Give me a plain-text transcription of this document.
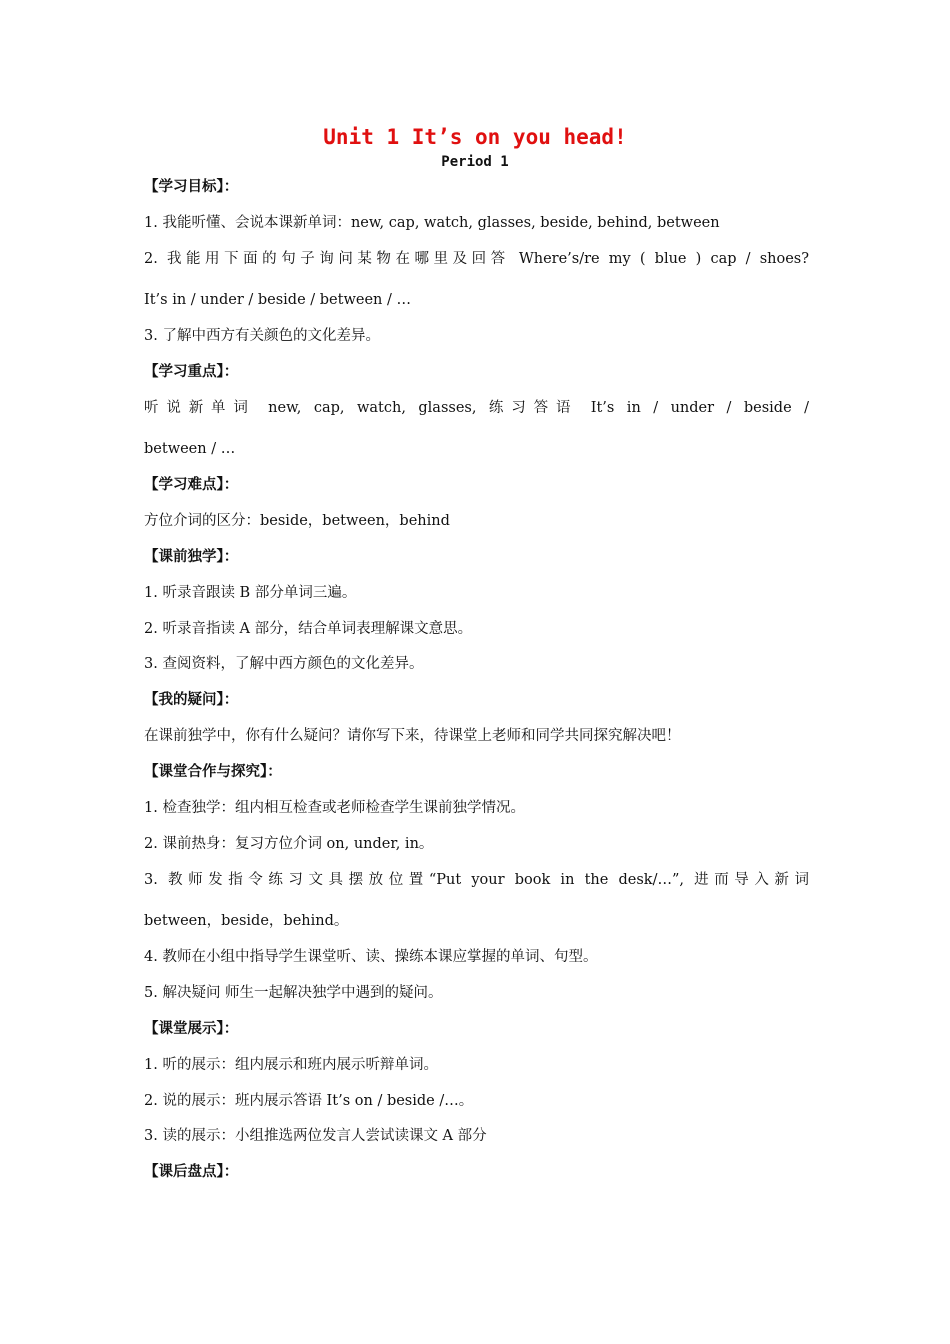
Unit 1 It’s on you head!
Period 1
【学习目标】：
1. 我能听懂、会说本课新单词：new, cap, watch, glasses, beside, behind, between
2. 我能用下面的句子询问某物在哪里及回答 Where’s/re my ( blue ) cap / shoes?
It’s in / under / beside / between / …
3. 了解中西方有关颜色的文化差异。
【学习重点】：
听说新单词 new, cap, watch, glasses, 练习答语 It’s in / under / beside /
between / …
【学习难点】：
方位介词的区分：beside，between，behind
【课前独学】：
1. 听录音跟读 B 部分单词三遍。
2. 听录音指读 A 部分，结合单词表理解课文意思。
3. 查阅资料，了解中西方颜色的文化差异。
【我的疑问】：
在课前独学中，你有什么疑问？请你写下来，待课堂上老师和同学共同探究解决吧！
【课堂合作与探究】：
1. 检查独学：组内相互检查或老师检查学生课前独学情况。
2. 课前热身：复习方位介词 on, under, in。
3. 教师发指令练习文具摆放位置“Put your book in the desk/…”, 进而导入新词
between，beside，behind。
4. 教师在小组中指导学生课堂听、读、操练本课应掌握的单词、句型。
5. 解决疑问 师生一起解决独学中遇到的疑问。
【课堂展示】：
1. 听的展示：组内展示和班内展示听辩单词。
2. 说的展示：班内展示答语 It’s on / beside /…。
3. 读的展示：小组推选两位发言人尝试读课文 A 部分
【课后盘点】：
